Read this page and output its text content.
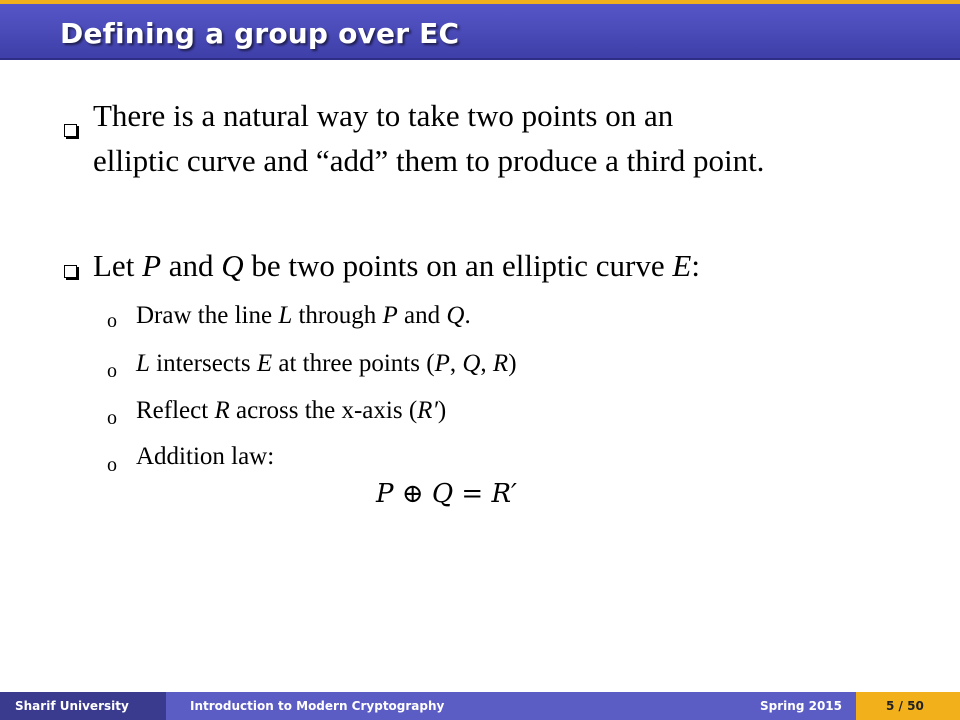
Defining a group over EC
There is a natural way to take two points on an
elliptic curve and “add” them to produce a third point.
Let P and Q be two points on an elliptic curve E:
o Draw the line L through P and Q.
o L intersects E at three points (P, Q, R)
o Reflect R across the x-axis (R′)
o Addition law:
P ⊕ Q = R′
Sharif University	Introduction to Modern Cryptography	Spring 2015	5 / 50
